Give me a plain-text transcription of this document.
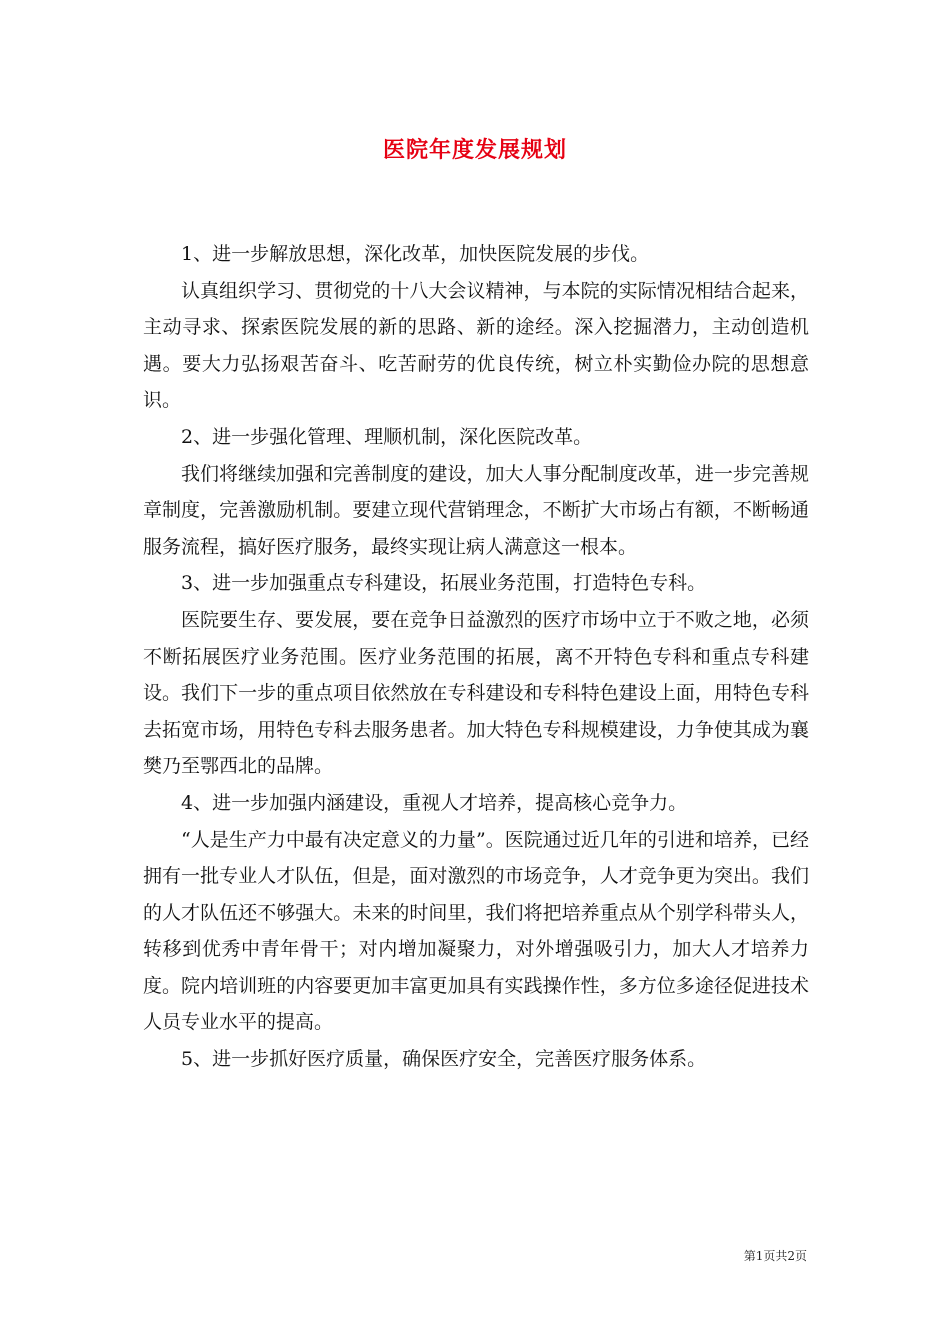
医院年度发展规划

1、进一步解放思想，深化改革，加快医院发展的步伐。

认真组织学习、贯彻党的十八大会议精神，与本院的实际情况相结合起来，主动寻求、探索医院发展的新的思路、新的途经。深入挖掘潜力，主动创造机遇。要大力弘扬艰苦奋斗、吃苦耐劳的优良传统，树立朴实勤俭办院的思想意识。

2、进一步强化管理、理顺机制，深化医院改革。

我们将继续加强和完善制度的建设，加大人事分配制度改革，进一步完善规章制度，完善激励机制。要建立现代营销理念，不断扩大市场占有额，不断畅通服务流程，搞好医疗服务，最终实现让病人满意这一根本。

3、进一步加强重点专科建设，拓展业务范围，打造特色专科。

医院要生存、要发展，要在竞争日益激烈的医疗市场中立于不败之地，必须不断拓展医疗业务范围。医疗业务范围的拓展，离不开特色专科和重点专科建设。我们下一步的重点项目依然放在专科建设和专科特色建设上面，用特色专科去拓宽市场，用特色专科去服务患者。加大特色专科规模建设，力争使其成为襄樊乃至鄂西北的品牌。

4、进一步加强内涵建设，重视人才培养，提高核心竞争力。

“人是生产力中最有决定意义的力量”。医院通过近几年的引进和培养，已经拥有一批专业人才队伍，但是，面对激烈的市场竞争，人才竞争更为突出。我们的人才队伍还不够强大。未来的时间里，我们将把培养重点从个别学科带头人，转移到优秀中青年骨干；对内增加凝聚力，对外增强吸引力，加大人才培养力度。院内培训班的内容要更加丰富更加具有实践操作性，多方位多途径促进技术人员专业水平的提高。

5、进一步抓好医疗质量，确保医疗安全，完善医疗服务体系。

第1页共2页
